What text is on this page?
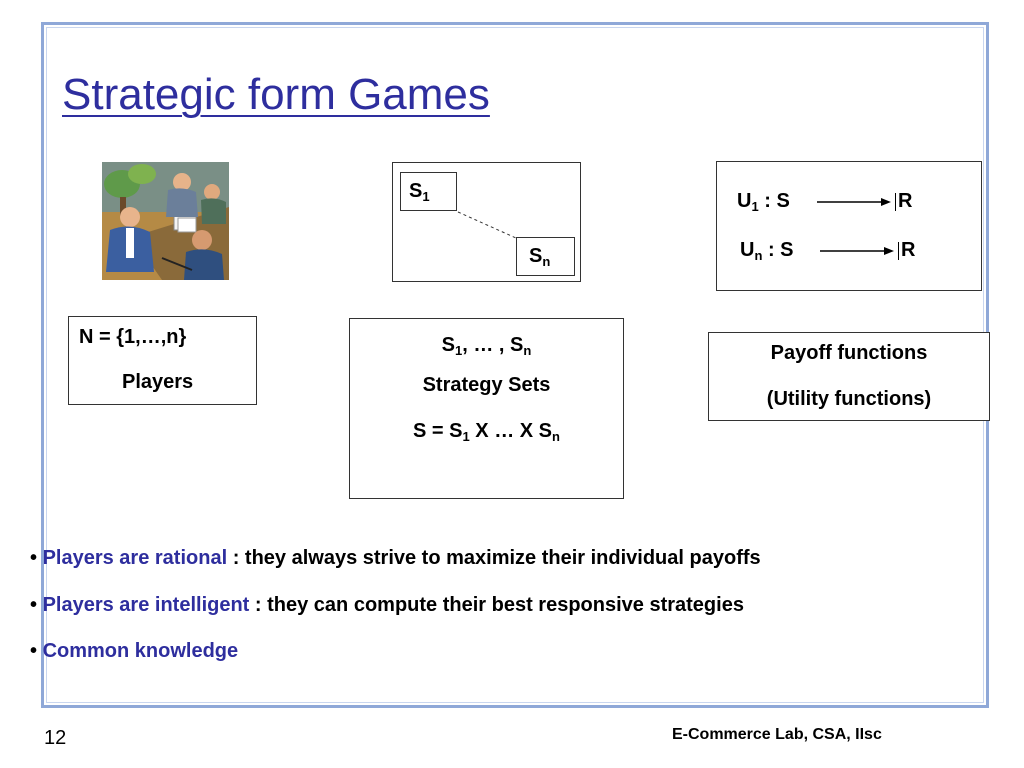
Strategic form Games
$S_1$
$S_n$
$U_1$ : S	R
$U_n$ : S	R
N = {1,…,n}
Players
$S_1$, … , $S_n$
Strategy Sets
$S = S_1$ X … X $S_n$
Payoff functions
(Utility functions)
• Players are rational : they always strive to maximize their individual payoffs
• Players are intelligent : they can compute their best responsive strategies
• Common knowledge
12	E-Commerce Lab, CSA, IIsc
